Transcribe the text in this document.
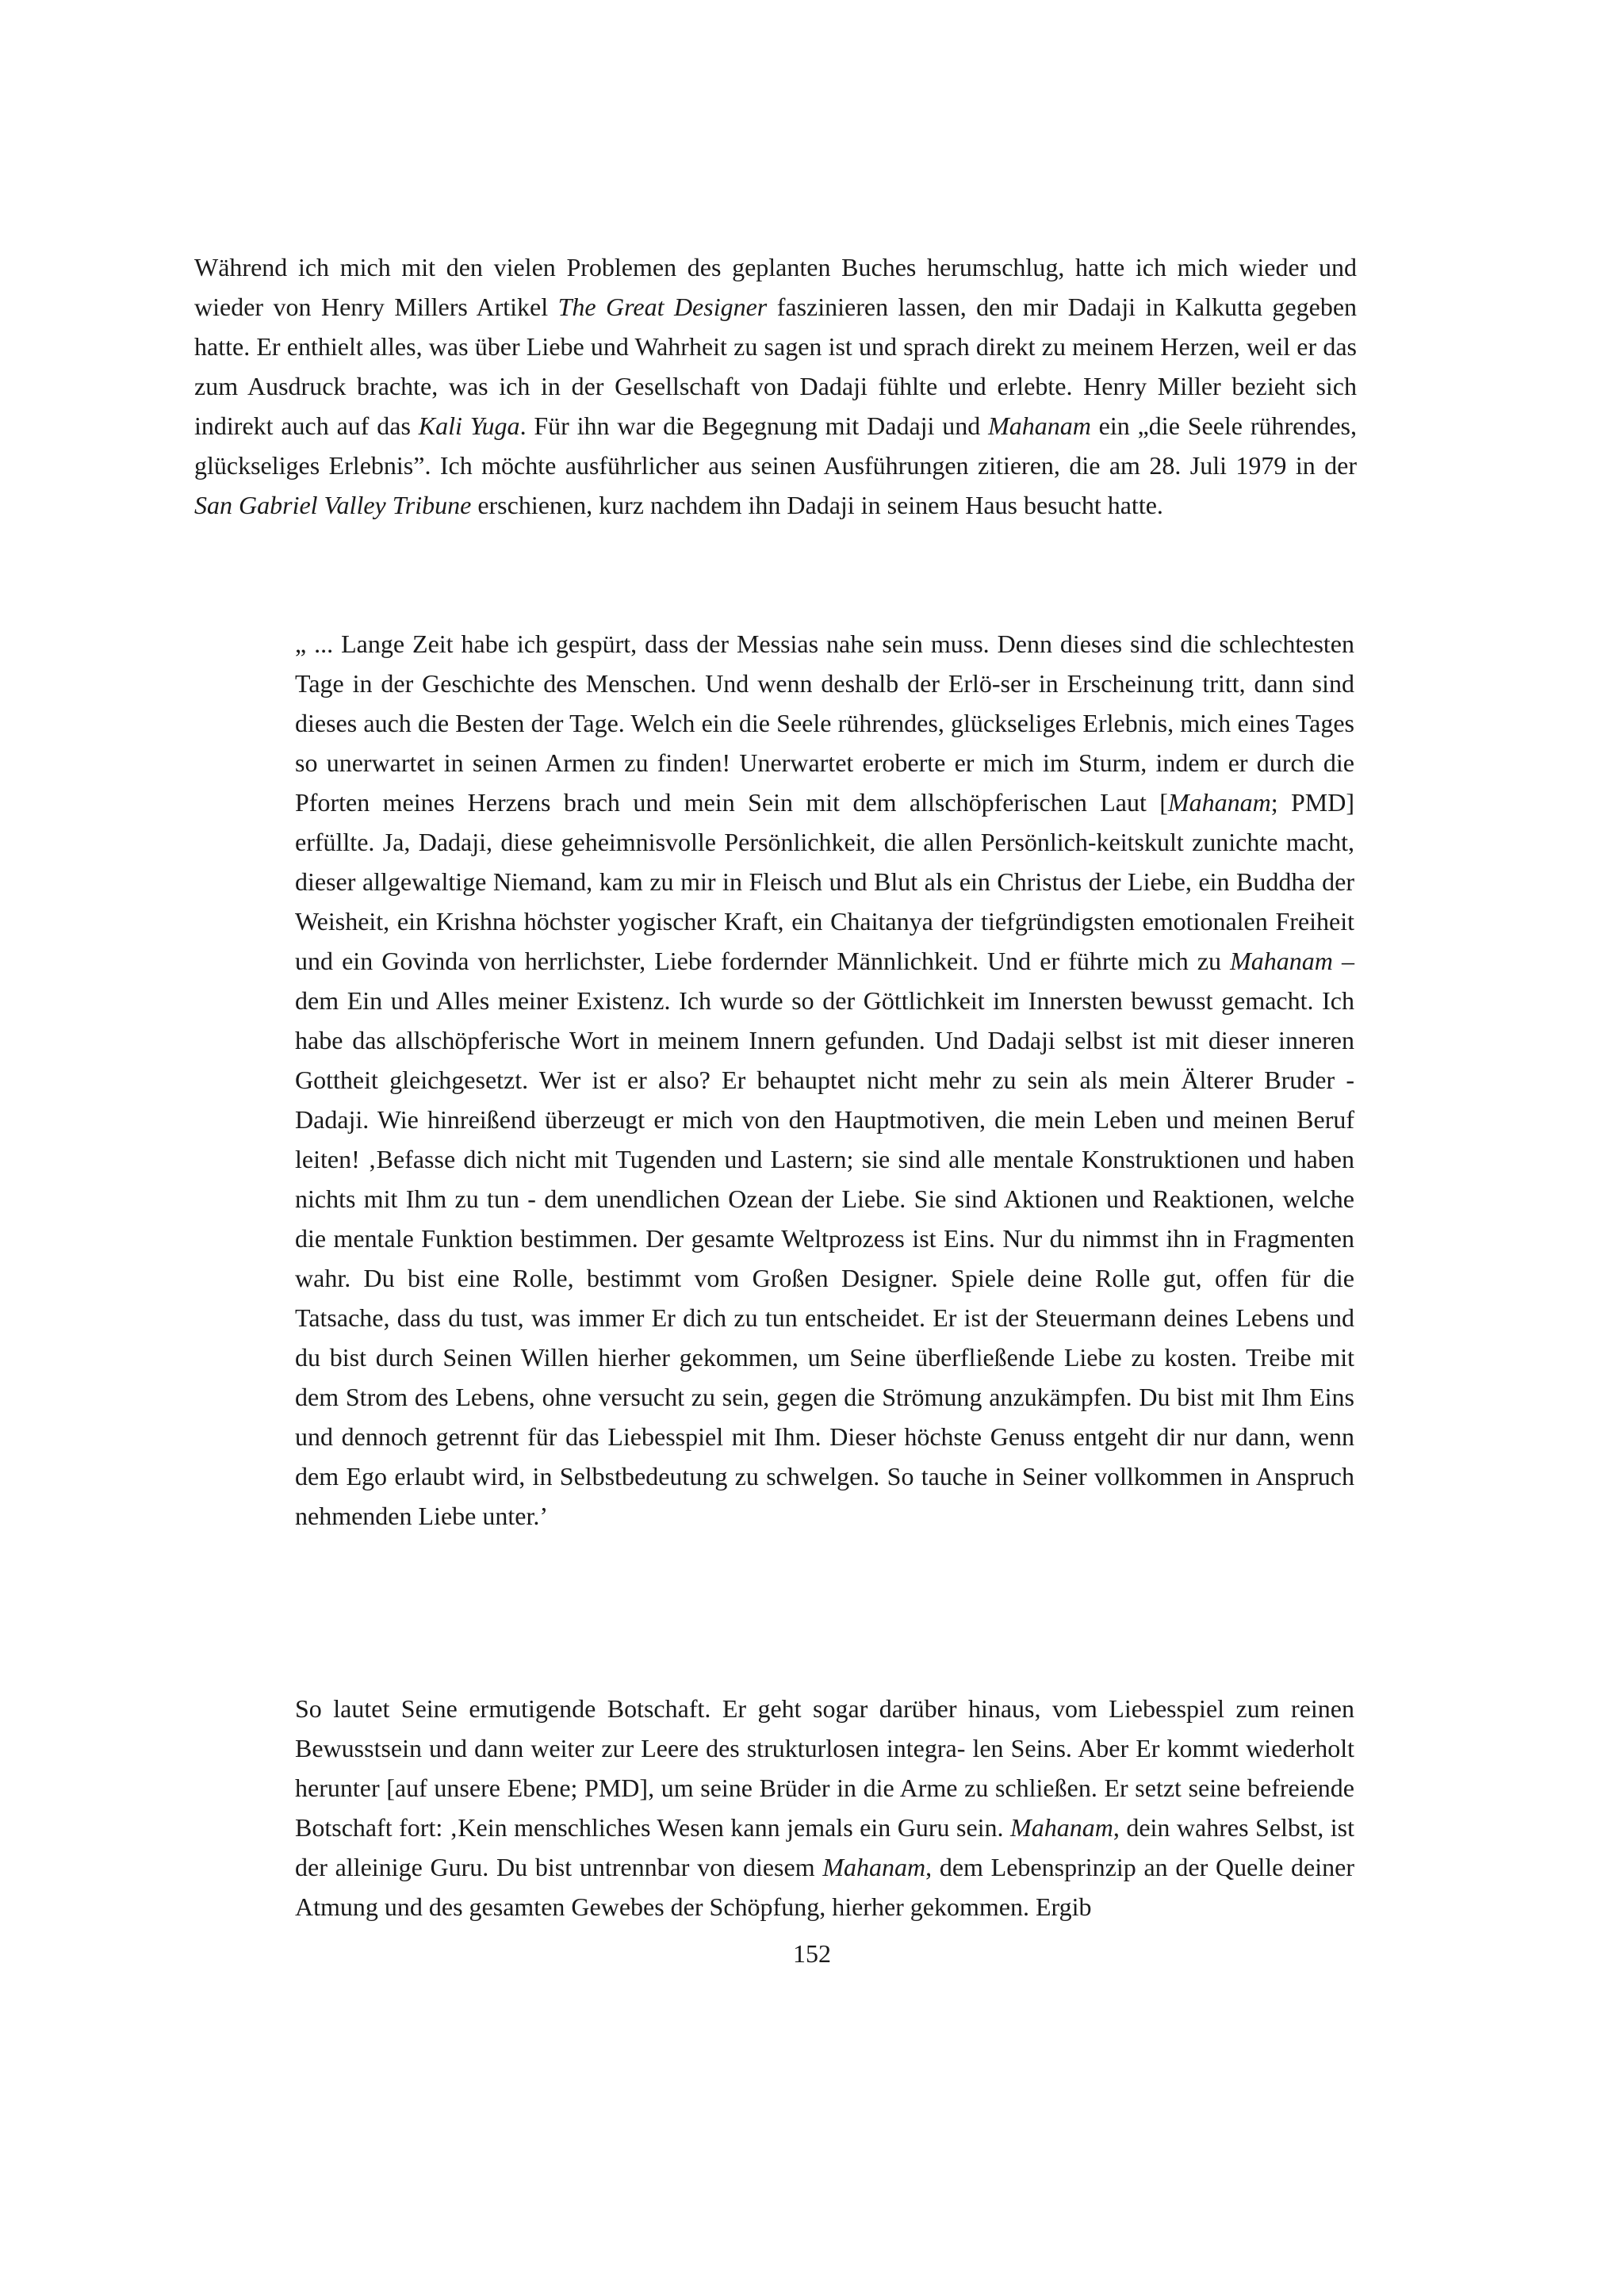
Während ich mich mit den vielen Problemen des geplanten Buches herumschlug, hatte ich mich wieder und wieder von Henry Millers Artikel The Great Designer faszinieren lassen, den mir Dadaji in Kalkutta gegeben hatte. Er enthielt alles, was über Liebe und Wahrheit zu sagen ist und sprach direkt zu meinem Herzen, weil er das zum Ausdruck brachte, was ich in der Gesellschaft von Dadaji fühlte und erlebte. Henry Miller bezieht sich indirekt auch auf das Kali Yuga. Für ihn war die Begegnung mit Dadaji und Mahanam ein „die Seele rührendes, glückseliges Erlebnis”. Ich möchte ausführlicher aus seinen Ausführungen zitieren, die am 28. Juli 1979 in der San Gabriel Valley Tribune erschienen, kurz nachdem ihn Dadaji in seinem Haus besucht hatte.

„ ... Lange Zeit habe ich gespürt, dass der Messias nahe sein muss. Denn dieses sind die schlechtesten Tage in der Geschichte des Menschen. Und wenn deshalb der Erlö-ser in Erscheinung tritt, dann sind dieses auch die Besten der Tage. Welch ein die Seele rührendes, glückseliges Erlebnis, mich eines Tages so unerwartet in seinen Armen zu finden! Unerwartet eroberte er mich im Sturm, indem er durch die Pforten meines Herzens brach und mein Sein mit dem allschöpferischen Laut [Mahanam; PMD] erfüllte. Ja, Dadaji, diese geheimnisvolle Persönlichkeit, die allen Persönlich-keitskult zunichte macht, dieser allgewaltige Niemand, kam zu mir in Fleisch und Blut als ein Christus der Liebe, ein Buddha der Weisheit, ein Krishna höchster yogischer Kraft, ein Chaitanya der tiefgründigsten emotionalen Freiheit und ein Govinda von herrlichster, Liebe fordernder Männlichkeit. Und er führte mich zu Mahanam – dem Ein und Alles meiner Existenz. Ich wurde so der Göttlichkeit im Innersten bewusst gemacht. Ich habe das allschöpferische Wort in meinem Innern gefunden. Und Dadaji selbst ist mit dieser inneren Gottheit gleichgesetzt. Wer ist er also? Er behauptet nicht mehr zu sein als mein Älterer Bruder - Dadaji. Wie hinreißend überzeugt er mich von den Hauptmotiven, die mein Leben und meinen Beruf leiten! ‚Befasse dich nicht mit Tugenden und Lastern; sie sind alle mentale Konstruktionen und haben nichts mit Ihm zu tun - dem unendlichen Ozean der Liebe. Sie sind Aktionen und Reaktionen, welche die mentale Funktion bestimmen. Der gesamte Weltprozess ist Eins. Nur du nimmst ihn in Fragmenten wahr. Du bist eine Rolle, bestimmt vom Großen Designer. Spiele deine Rolle gut, offen für die Tatsache, dass du tust, was immer Er dich zu tun entscheidet. Er ist der Steuermann deines Lebens und du bist durch Seinen Willen hierher gekommen, um Seine überfließende Liebe zu kosten. Treibe mit dem Strom des Lebens, ohne versucht zu sein, gegen die Strömung anzukämpfen. Du bist mit Ihm Eins und dennoch getrennt für das Liebesspiel mit Ihm. Dieser höchste Genuss entgeht dir nur dann, wenn dem Ego erlaubt wird, in Selbstbedeutung zu schwelgen. So tauche in Seiner vollkommen in Anspruch nehmenden Liebe unter.’

So lautet Seine ermutigende Botschaft. Er geht sogar darüber hinaus, vom Liebesspiel zum reinen Bewusstsein und dann weiter zur Leere des strukturlosen integra- len Seins. Aber Er kommt wiederholt herunter [auf unsere Ebene; PMD], um seine Brüder in die Arme zu schließen. Er setzt seine befreiende Botschaft fort: ‚Kein menschliches Wesen kann jemals ein Guru sein. Mahanam, dein wahres Selbst, ist der alleinige Guru. Du bist untrennbar von diesem Mahanam, dem Lebensprinzip an der Quelle deiner Atmung und des gesamten Gewebes der Schöpfung, hierher gekommen. Ergib

152
